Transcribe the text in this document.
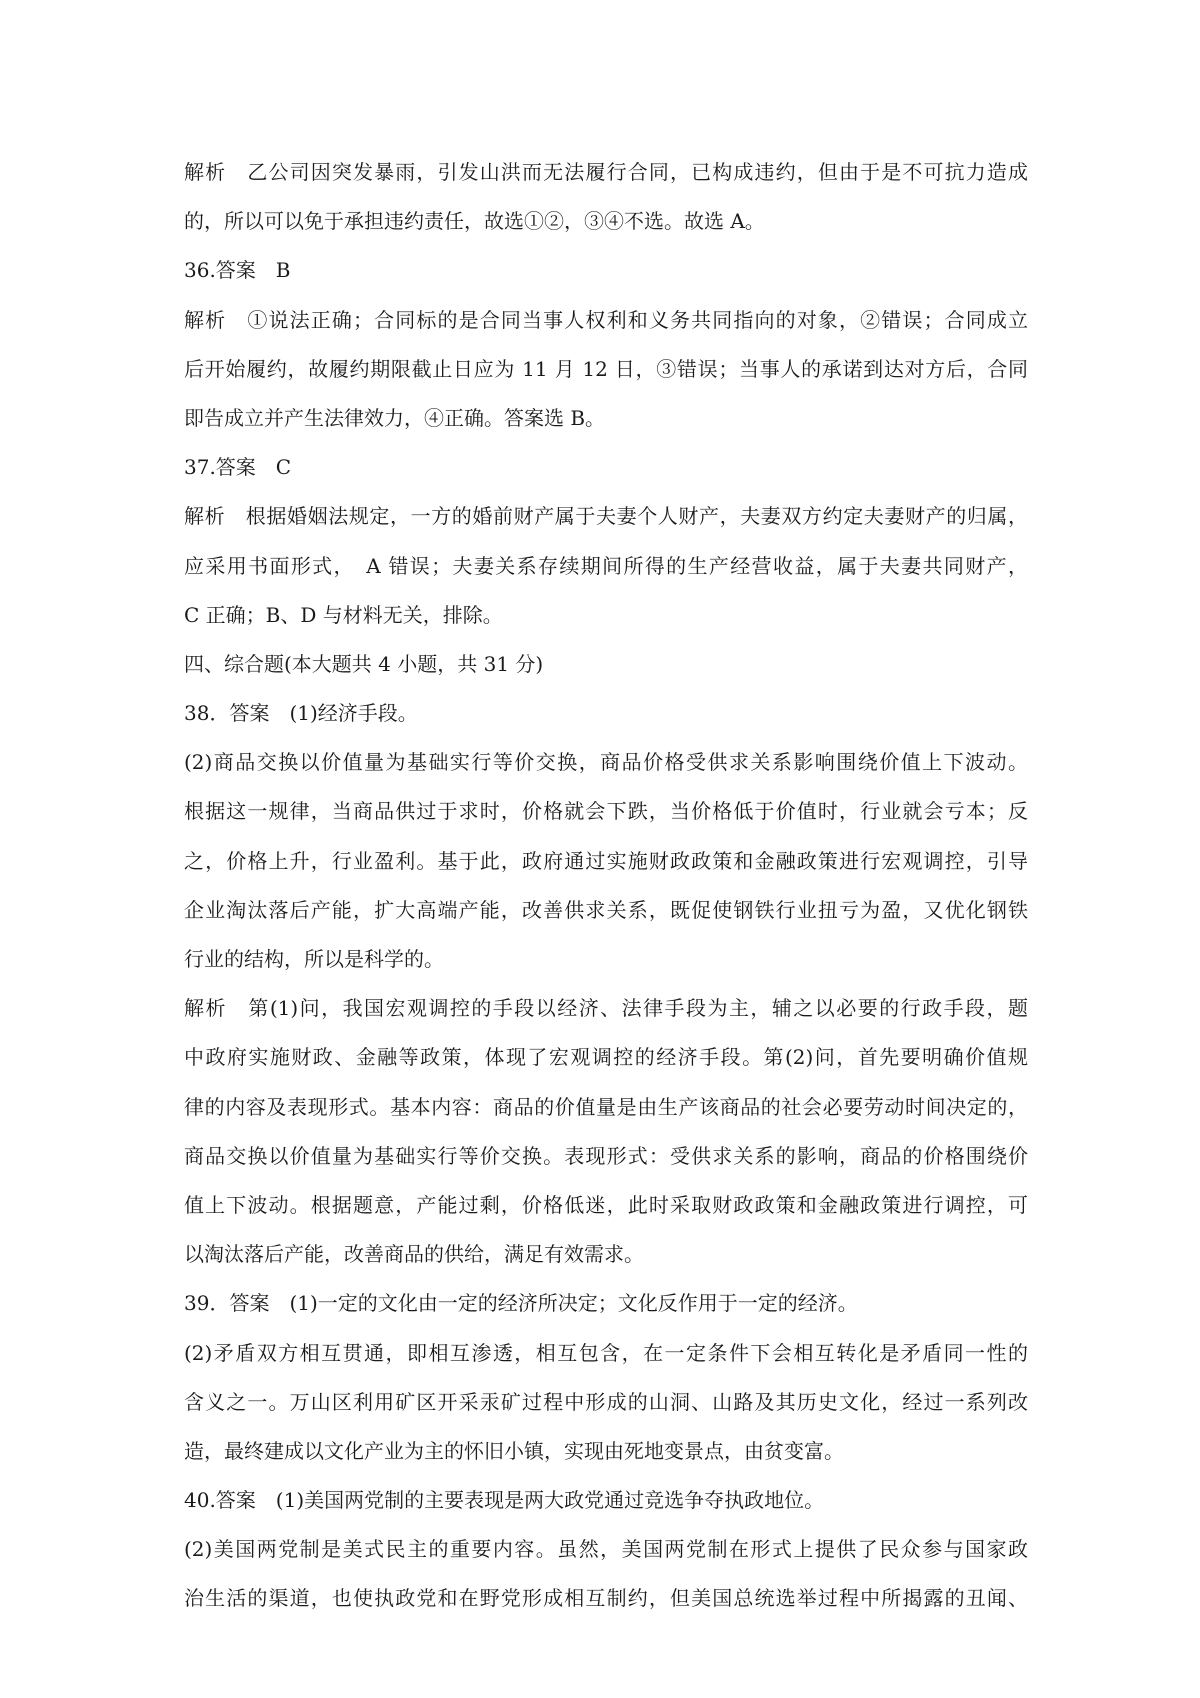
解析　乙公司因突发暴雨，引发山洪而无法履行合同，已构成违约，但由于是不可抗力造成

的，所以可以免于承担违约责任，故选①②，③④不选。故选 A。

36.答案　B

解析　①说法正确；合同标的是合同当事人权利和义务共同指向的对象，②错误；合同成立

后开始履约，故履约期限截止日应为 11 月 12 日，③错误；当事人的承诺到达对方后，合同

即告成立并产生法律效力，④正确。答案选 B。

37.答案　C

解析　根据婚姻法规定，一方的婚前财产属于夫妻个人财产，夫妻双方约定夫妻财产的归属，

应采用书面形式，　A 错误；夫妻关系存续期间所得的生产经营收益，属于夫妻共同财产，

C 正确；B、D 与材料无关，排除。

四、综合题(本大题共 4 小题，共 31 分)

38．答案　(1)经济手段。

(2)商品交换以价值量为基础实行等价交换，商品价格受供求关系影响围绕价值上下波动。

根据这一规律，当商品供过于求时，价格就会下跌，当价格低于价值时，行业就会亏本；反

之，价格上升，行业盈利。基于此，政府通过实施财政政策和金融政策进行宏观调控，引导

企业淘汰落后产能，扩大高端产能，改善供求关系，既促使钢铁行业扭亏为盈，又优化钢铁

行业的结构，所以是科学的。

解析　第(1)问，我国宏观调控的手段以经济、法律手段为主，辅之以必要的行政手段，题

中政府实施财政、金融等政策，体现了宏观调控的经济手段。第(2)问，首先要明确价值规

律的内容及表现形式。基本内容：商品的价值量是由生产该商品的社会必要劳动时间决定的，

商品交换以价值量为基础实行等价交换。表现形式：受供求关系的影响，商品的价格围绕价

值上下波动。根据题意，产能过剩，价格低迷，此时采取财政政策和金融政策进行调控，可

以淘汰落后产能，改善商品的供给，满足有效需求。

39．答案　(1)一定的文化由一定的经济所决定；文化反作用于一定的经济。

(2)矛盾双方相互贯通，即相互渗透，相互包含，在一定条件下会相互转化是矛盾同一性的

含义之一。万山区利用矿区开采汞矿过程中形成的山洞、山路及其历史文化，经过一系列改

造，最终建成以文化产业为主的怀旧小镇，实现由死地变景点，由贫变富。

40.答案　(1)美国两党制的主要表现是两大政党通过竞选争夺执政地位。

(2)美国两党制是美式民主的重要内容。虽然，美国两党制在形式上提供了民众参与国家政

治生活的渠道，也使执政党和在野党形成相互制约，但美国总统选举过程中所揭露的丑闻、
